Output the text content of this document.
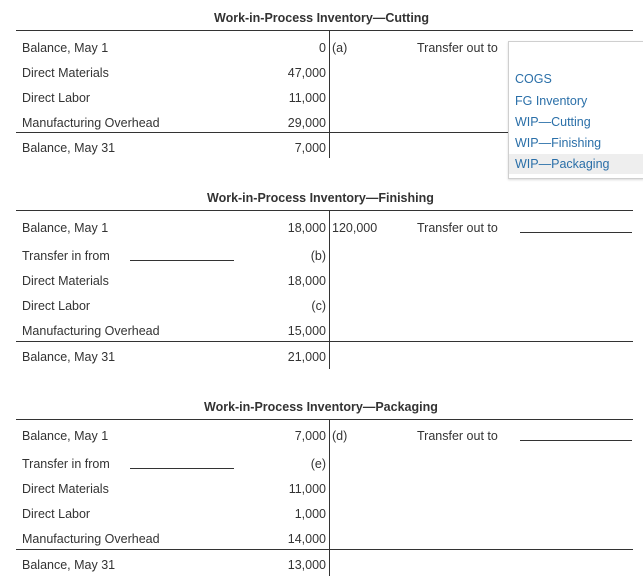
Work-in-Process Inventory—Cutting
Balance, May 1	0 (a)	Transfer out to
Direct Materials	47,000
Direct Labor	11,000
Manufacturing Overhead	29,000
Balance, May 31	7,000
COGS
FG Inventory
WIP—Cutting
WIP—Finishing
WIP—Packaging
Work-in-Process Inventory—Finishing
Balance, May 1	18,000 120,000	Transfer out to
Transfer in from	(b)
Direct Materials	18,000
Direct Labor	(c)
Manufacturing Overhead	15,000
Balance, May 31	21,000
Work-in-Process Inventory—Packaging
Balance, May 1	7,000 (d)	Transfer out to
Transfer in from	(e)
Direct Materials	11,000
Direct Labor	1,000
Manufacturing Overhead	14,000
Balance, May 31	13,000
